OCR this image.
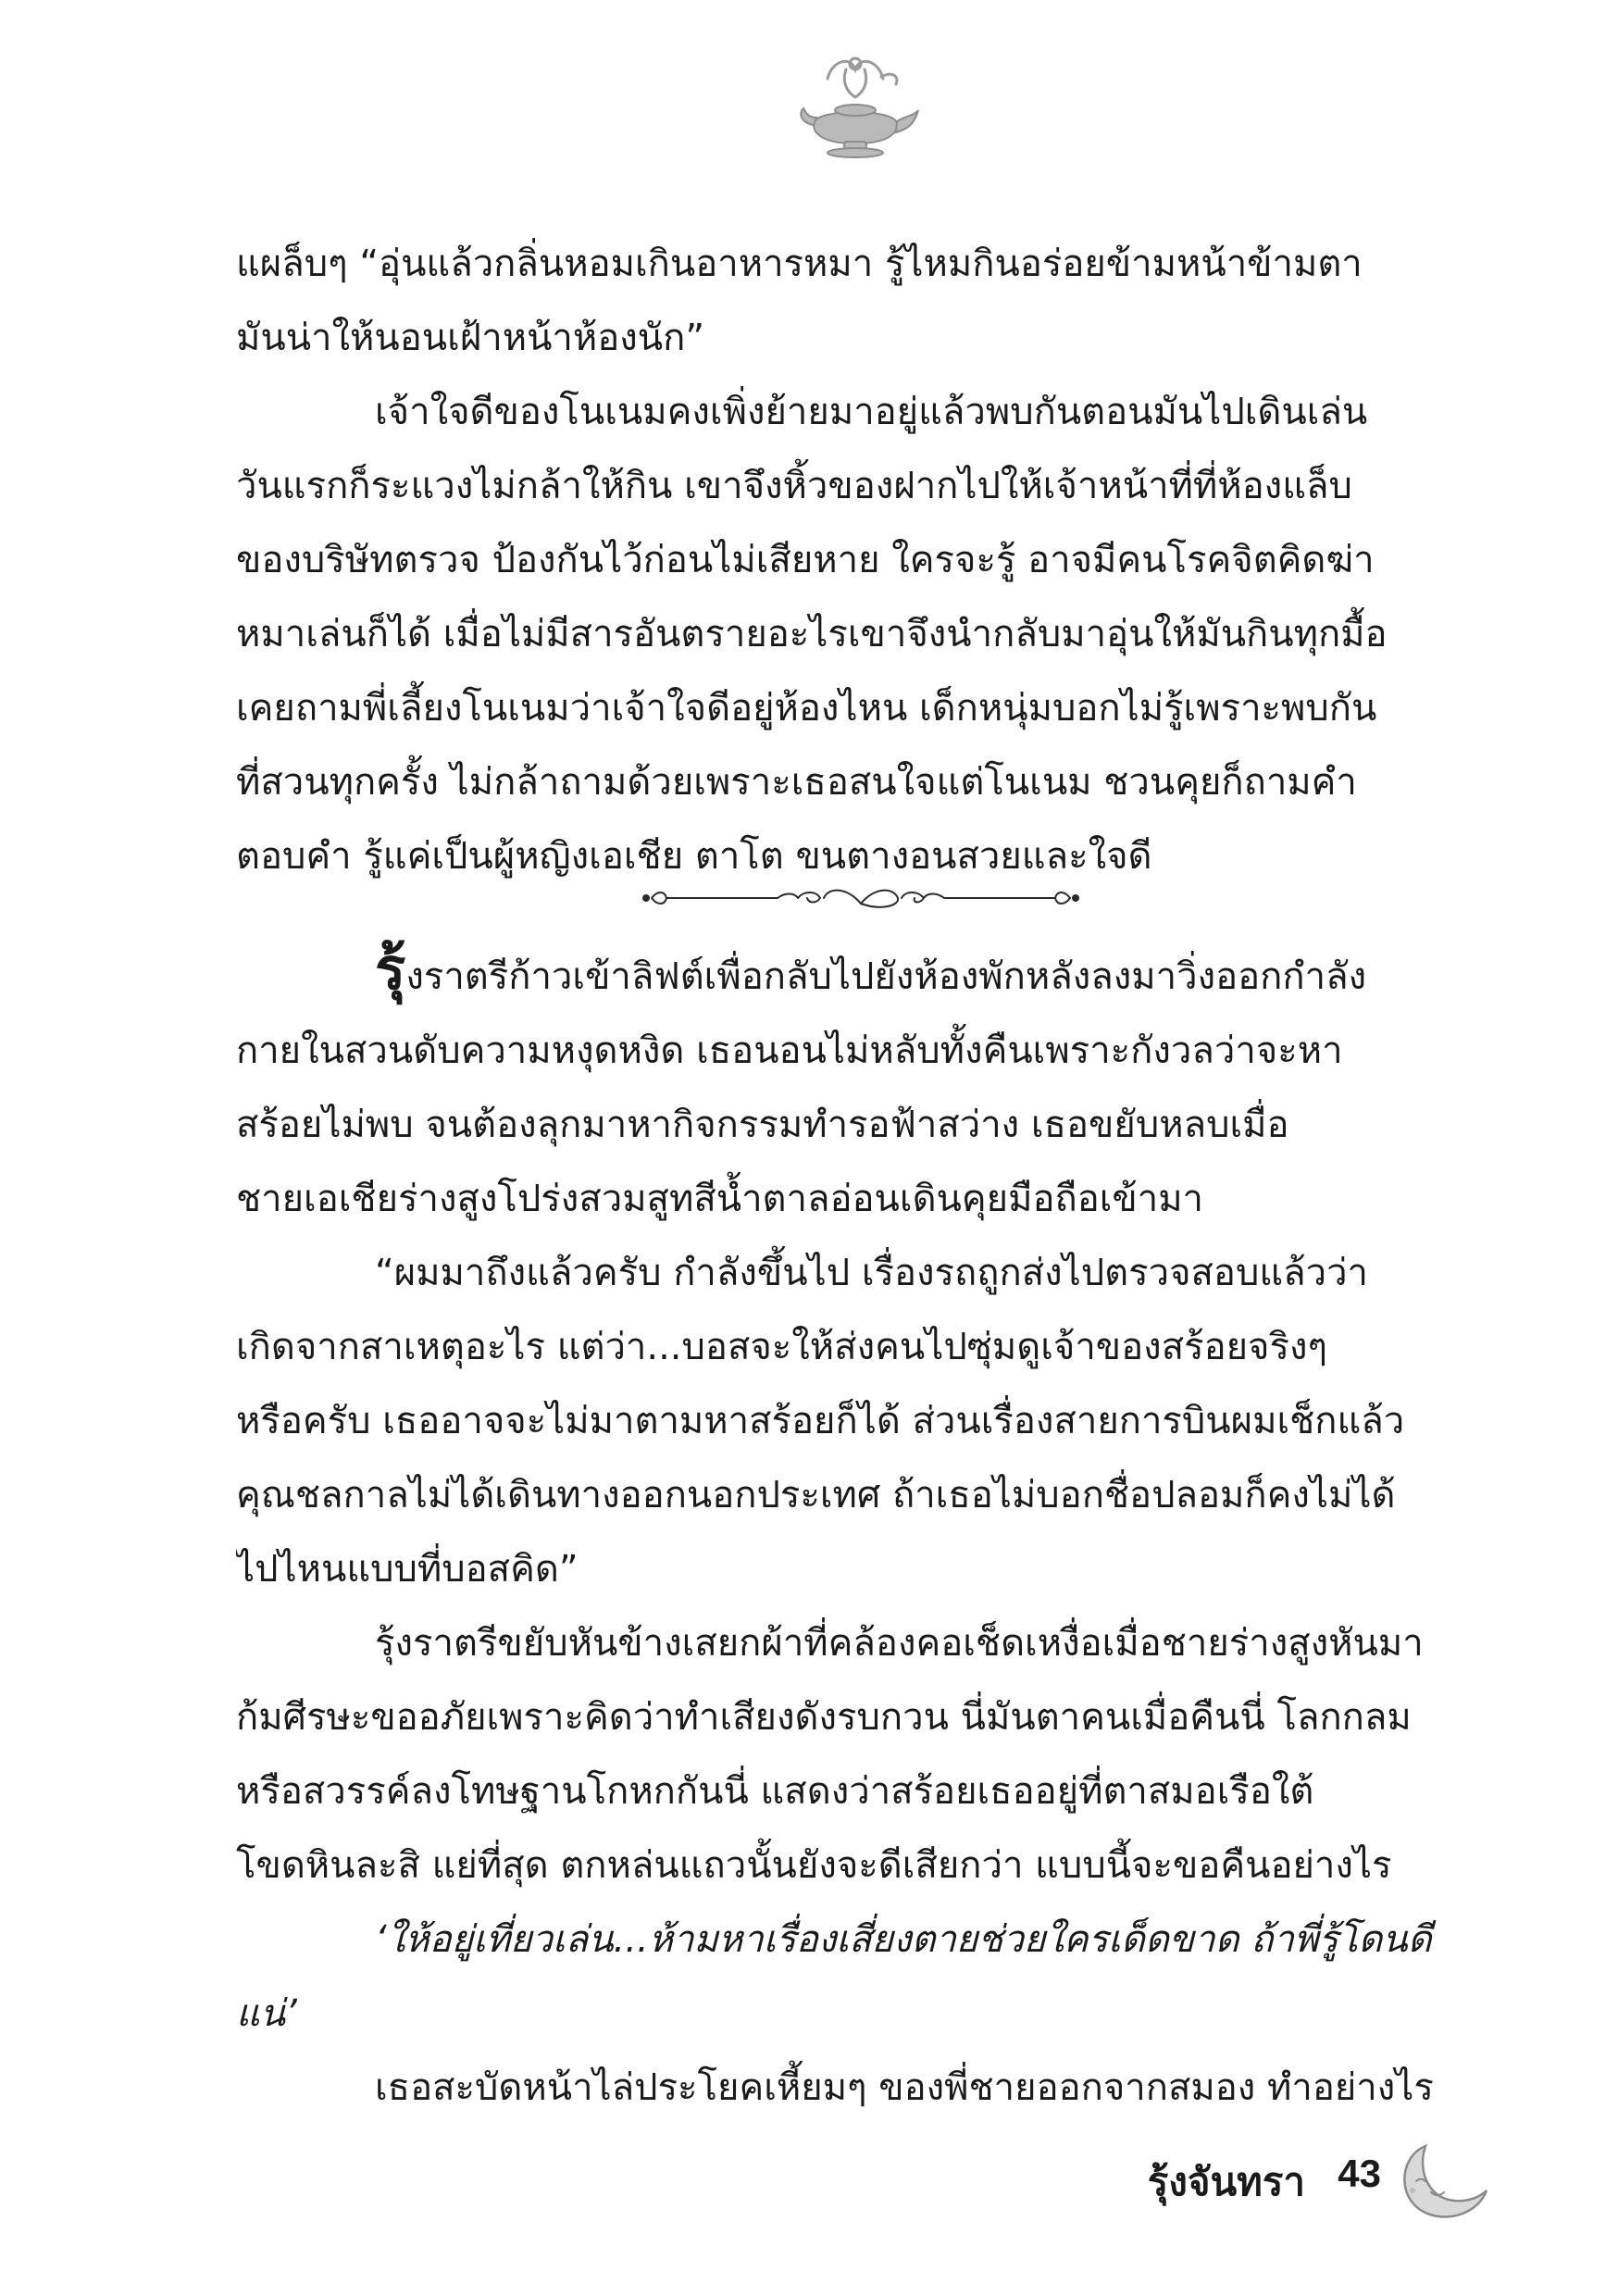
แผล็บๆ “อุ่นแล้วกลิ่นหอมเกินอาหารหมา รู้ไหมกินอร่อยข้ามหน้าข้ามตา
มันน่าให้นอนเฝ้าหน้าห้องนัก”
เจ้าใจดีของโนเนมคงเพิ่งย้ายมาอยู่แล้วพบกันตอนมันไปเดินเล่น
วันแรกก็ระแวงไม่กล้าให้กิน เขาจึงหิ้วของฝากไปให้เจ้าหน้าที่ที่ห้องแล็บ
ของบริษัทตรวจ ป้องกันไว้ก่อนไม่เสียหาย ใครจะรู้ อาจมีคนโรคจิตคิดฆ่า
หมาเล่นก็ได้ เมื่อไม่มีสารอันตรายอะไรเขาจึงนำกลับมาอุ่นให้มันกินทุกมื้อ
เคยถามพี่เลี้ยงโนเนมว่าเจ้าใจดีอยู่ห้องไหน เด็กหนุ่มบอกไม่รู้เพราะพบกัน
ที่สวนทุกครั้ง ไม่กล้าถามด้วยเพราะเธอสนใจแต่โนเนม ชวนคุยก็ถามคำ
ตอบคำ รู้แค่เป็นผู้หญิงเอเชีย ตาโต ขนตางอนสวยและใจดี
รุ้งราตรีก้าวเข้าลิฟต์เพื่อกลับไปยังห้องพักหลังลงมาวิ่งออกกำลัง
กายในสวนดับความหงุดหงิด เธอนอนไม่หลับทั้งคืนเพราะกังวลว่าจะหา
สร้อยไม่พบ จนต้องลุกมาหากิจกรรมทำรอฟ้าสว่าง เธอขยับหลบเมื่อ
ชายเอเชียร่างสูงโปร่งสวมสูทสีน้ำตาลอ่อนเดินคุยมือถือเข้ามา
“ผมมาถึงแล้วครับ กำลังขึ้นไป เรื่องรถถูกส่งไปตรวจสอบแล้วว่า
เกิดจากสาเหตุอะไร แต่ว่า...บอสจะให้ส่งคนไปซุ่มดูเจ้าของสร้อยจริงๆ
หรือครับ เธออาจจะไม่มาตามหาสร้อยก็ได้ ส่วนเรื่องสายการบินผมเช็กแล้ว
คุณชลกาลไม่ได้เดินทางออกนอกประเทศ ถ้าเธอไม่บอกชื่อปลอมก็คงไม่ได้
ไปไหนแบบที่บอสคิด”
รุ้งราตรีขยับหันข้างเสยกผ้าที่คล้องคอเช็ดเหงื่อเมื่อชายร่างสูงหันมา
ก้มศีรษะขออภัยเพราะคิดว่าทำเสียงดังรบกวน นี่มันตาคนเมื่อคืนนี่ โลกกลม
หรือสวรรค์ลงโทษฐานโกหกกันนี่ แสดงว่าสร้อยเธออยู่ที่ตาสมอเรือใต้
โขดหินละสิ แย่ที่สุด ตกหล่นแถวนั้นยังจะดีเสียกว่า แบบนี้จะขอคืนอย่างไร
‘ให้อยู่เที่ยวเล่น...ห้ามหาเรื่องเสี่ยงตายช่วยใครเด็ดขาด ถ้าพี่รู้โดนดี
แน่’
เธอสะบัดหน้าไล่ประโยคเหี้ยมๆ ของพี่ชายออกจากสมอง ทำอย่างไร
รุ้งจันทรา 43
